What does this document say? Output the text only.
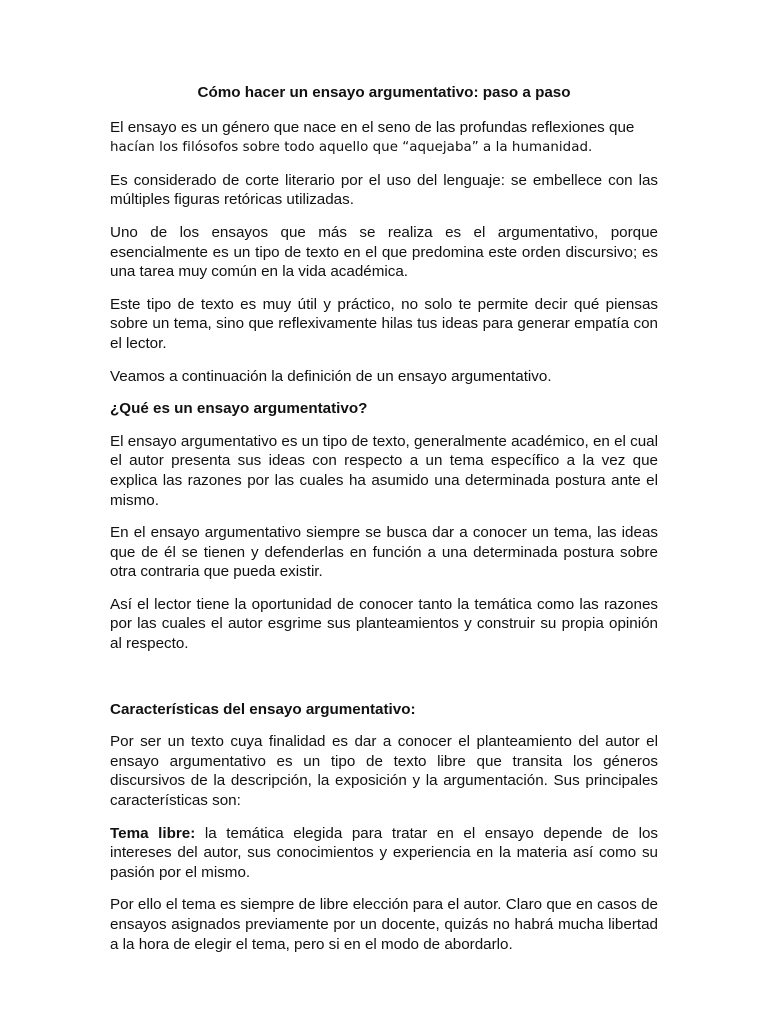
Cómo hacer un ensayo argumentativo: paso a paso

El ensayo es un género que nace en el seno de las profundas reflexiones que
hacían los filósofos sobre todo aquello que “aquejaba” a la humanidad.

Es considerado de corte literario por el uso del lenguaje: se embellece con las múltiples figuras retóricas utilizadas.

Uno de los ensayos que más se realiza es el argumentativo, porque esencialmente es un tipo de texto en el que predomina este orden discursivo; es una tarea muy común en la vida académica.

Este tipo de texto es muy útil y práctico, no solo te permite decir qué piensas sobre un tema, sino que reflexivamente hilas tus ideas para generar empatía con el lector.

Veamos a continuación la definición de un ensayo argumentativo.

¿Qué es un ensayo argumentativo?

El ensayo argumentativo es un tipo de texto, generalmente académico, en el cual el autor presenta sus ideas con respecto a un tema específico a la vez que explica las razones por las cuales ha asumido una determinada postura ante el mismo.

En el ensayo argumentativo siempre se busca dar a conocer un tema, las ideas que de él se tienen y defenderlas en función a una determinada postura sobre otra contraria que pueda existir.

Así el lector tiene la oportunidad de conocer tanto la temática como las razones por las cuales el autor esgrime sus planteamientos y construir su propia opinión al respecto.

Características del ensayo argumentativo:

Por ser un texto cuya finalidad es dar a conocer el planteamiento del autor el ensayo argumentativo es un tipo de texto libre que transita los géneros discursivos de la descripción, la exposición y la argumentación. Sus principales características son:

Tema libre: la temática elegida para tratar en el ensayo depende de los intereses del autor, sus conocimientos y experiencia en la materia así como su pasión por el mismo.

Por ello el tema es siempre de libre elección para el autor. Claro que en casos de ensayos asignados previamente por un docente, quizás no habrá mucha libertad a la hora de elegir el tema, pero si en el modo de abordarlo.
